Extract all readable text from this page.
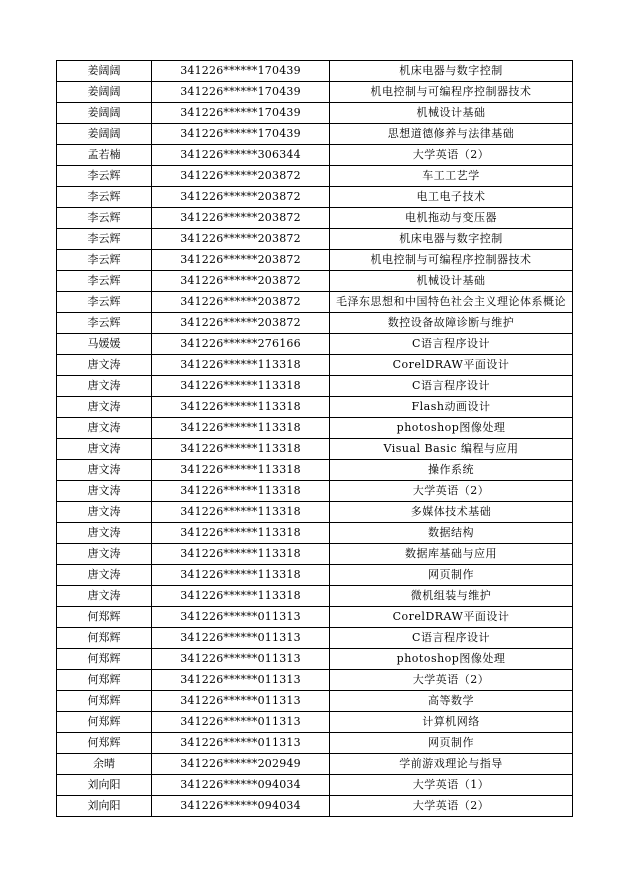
姜阔阔	341226******170439	机床电器与数字控制
姜阔阔	341226******170439	机电控制与可编程序控制器技术
姜阔阔	341226******170439	机械设计基础
姜阔阔	341226******170439	思想道德修养与法律基础
孟若楠	341226******306344	大学英语（2）
李云辉	341226******203872	车工工艺学
李云辉	341226******203872	电工电子技术
李云辉	341226******203872	电机拖动与变压器
李云辉	341226******203872	机床电器与数字控制
李云辉	341226******203872	机电控制与可编程序控制器技术
李云辉	341226******203872	机械设计基础
李云辉	341226******203872	毛泽东思想和中国特色社会主义理论体系概论
李云辉	341226******203872	数控设备故障诊断与维护
马媛媛	341226******276166	C语言程序设计
唐文涛	341226******113318	CorelDRAW平面设计
唐文涛	341226******113318	C语言程序设计
唐文涛	341226******113318	Flash动画设计
唐文涛	341226******113318	photoshop图像处理
唐文涛	341226******113318	Visual Basic 编程与应用
唐文涛	341226******113318	操作系统
唐文涛	341226******113318	大学英语（2）
唐文涛	341226******113318	多媒体技术基础
唐文涛	341226******113318	数据结构
唐文涛	341226******113318	数据库基础与应用
唐文涛	341226******113318	网页制作
唐文涛	341226******113318	微机组装与维护
何郑辉	341226******011313	CorelDRAW平面设计
何郑辉	341226******011313	C语言程序设计
何郑辉	341226******011313	photoshop图像处理
何郑辉	341226******011313	大学英语（2）
何郑辉	341226******011313	高等数学
何郑辉	341226******011313	计算机网络
何郑辉	341226******011313	网页制作
余晴	341226******202949	学前游戏理论与指导
刘向阳	341226******094034	大学英语（1）
刘向阳	341226******094034	大学英语（2）
